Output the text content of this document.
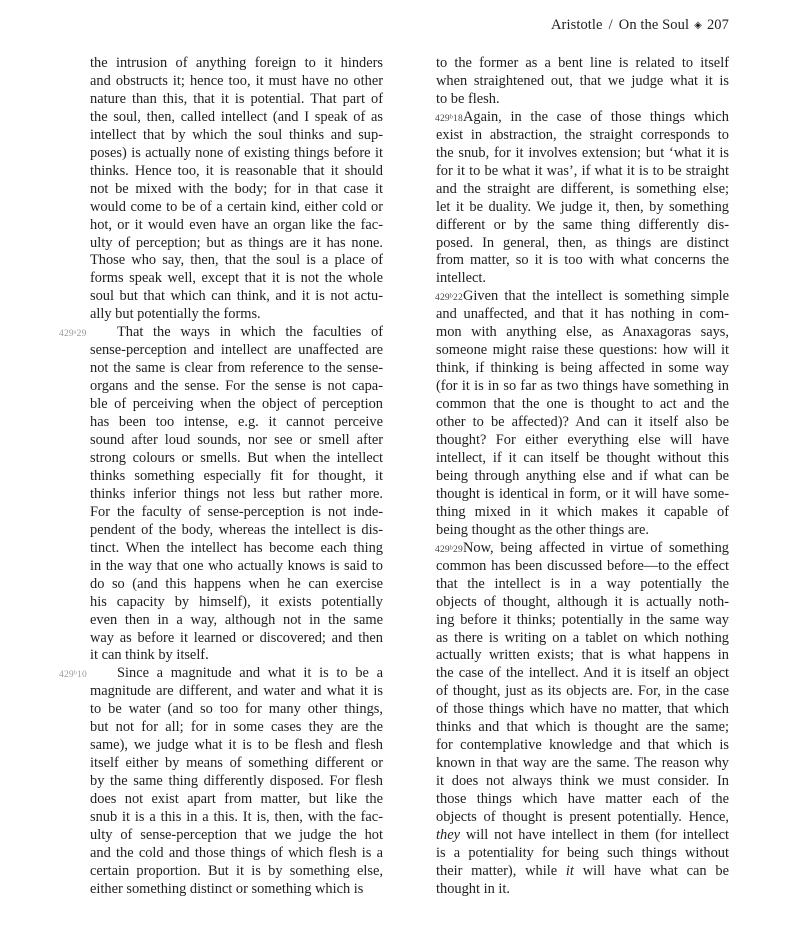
Aristotle / On the Soul ◈ 207
the intrusion of anything foreign to it hinders
and obstructs it; hence too, it must have no other
nature than this, that it is potential. That part of
the soul, then, called intellect (and I speak of as
intellect that by which the soul thinks and sup-
poses) is actually none of existing things before it
thinks. Hence too, it is reasonable that it should
not be mixed with the body; for in that case it
would come to be of a certain kind, either cold or
hot, or it would even have an organ like the fac-
ulty of perception; but as things are it has none.
Those who say, then, that the soul is a place of
forms speak well, except that it is not the whole
soul but that which can think, and it is not actu-
ally but potentially the forms.
429ᵃ29	That the ways in which the faculties of
sense-perception and intellect are unaffected are
not the same is clear from reference to the sense-
organs and the sense. For the sense is not capa-
ble of perceiving when the object of perception
has been too intense, e.g. it cannot perceive
sound after loud sounds, nor see or smell after
strong colours or smells. But when the intellect
thinks something especially fit for thought, it
thinks inferior things not less but rather more.
For the faculty of sense-perception is not inde-
pendent of the body, whereas the intellect is dis-
tinct. When the intellect has become each thing
in the way that one who actually knows is said to
do so (and this happens when he can exercise
his capacity by himself), it exists potentially
even then in a way, although not in the same
way as before it learned or discovered; and then
it can think by itself.
429ᵇ10	Since a magnitude and what it is to be a
magnitude are different, and water and what it is
to be water (and so too for many other things,
but not for all; for in some cases they are the
same), we judge what it is to be flesh and flesh
itself either by means of something different or
by the same thing differently disposed. For flesh
does not exist apart from matter, but like the
snub it is a this in a this. It is, then, with the fac-
ulty of sense-perception that we judge the hot
and the cold and those things of which flesh is a
certain proportion. But it is by something else,
either something distinct or something which is
to the former as a bent line is related to itself
when straightened out, that we judge what it is
to be flesh.
429ᵇ18 Again, in the case of those things which
exist in abstraction, the straight corresponds to
the snub, for it involves extension; but ‘what it is
for it to be what it was’, if what it is to be straight
and the straight are different, is something else;
let it be duality. We judge it, then, by something
different or by the same thing differently dis-
posed. In general, then, as things are distinct
from matter, so it is too with what concerns the
intellect.
429ᵇ22 Given that the intellect is something simple
and unaffected, and that it has nothing in com-
mon with anything else, as Anaxagoras says,
someone might raise these questions: how will it
think, if thinking is being affected in some way
(for it is in so far as two things have something in
common that the one is thought to act and the
other to be affected)? And can it itself also be
thought? For either everything else will have
intellect, if it can itself be thought without this
being through anything else and if what can be
thought is identical in form, or it will have some-
thing mixed in it which makes it capable of
being thought as the other things are.
429ᵇ29 Now, being affected in virtue of something
common has been discussed before—to the effect
that the intellect is in a way potentially the
objects of thought, although it is actually noth-
ing before it thinks; potentially in the same way
as there is writing on a tablet on which nothing
actually written exists; that is what happens in
the case of the intellect. And it is itself an object
of thought, just as its objects are. For, in the case
of those things which have no matter, that which
thinks and that which is thought are the same;
for contemplative knowledge and that which is
known in that way are the same. The reason why
it does not always think we must consider. In
those things which have matter each of the
objects of thought is present potentially. Hence,
they will not have intellect in them (for intellect
is a potentiality for being such things without
their matter), while it will have what can be
thought in it.
